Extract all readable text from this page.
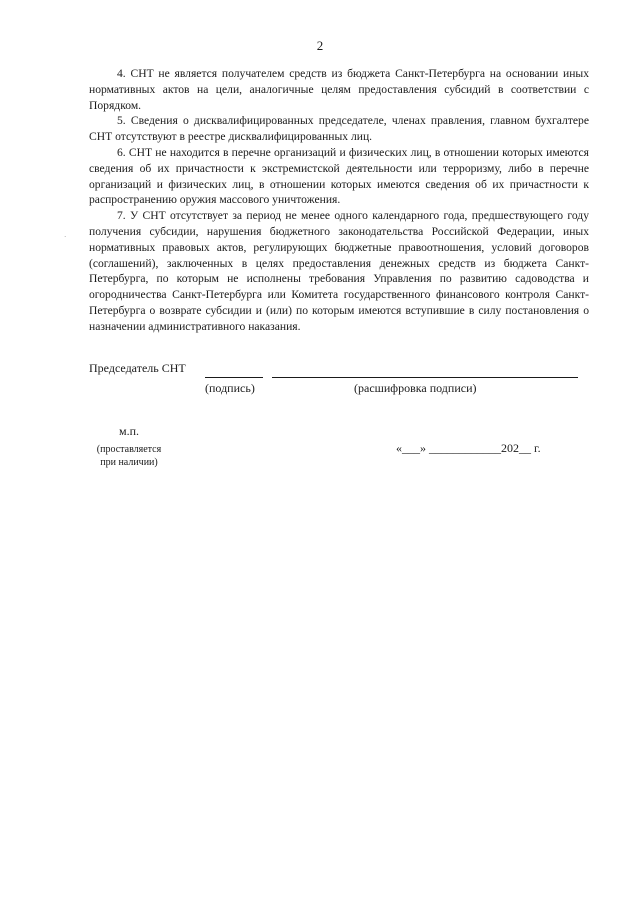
2
·

4. СНТ не является получателем средств из бюджета Санкт-Петербурга на основании иных нормативных актов на цели, аналогичные целям предоставления субсидий в соответствии с Порядком.

5. Сведения о дисквалифицированных председателе, членах правления, главном бухгалтере СНТ отсутствуют в реестре дисквалифицированных лиц.

6. СНТ не находится в перечне организаций и физических лиц, в отношении которых имеются сведения об их причастности к экстремистской деятельности или терроризму, либо в перечне организаций и физических лиц, в отношении которых имеются сведения об их причастности к распространению оружия массового уничтожения.

7. У СНТ отсутствует за период не менее одного календарного года, предшествующего году получения субсидии, нарушения бюджетного законодательства Российской Федерации, иных нормативных правовых актов, регулирующих бюджетные правоотношения, условий договоров (соглашений), заключенных в целях предоставления денежных средств из бюджета Санкт-Петербурга, по которым не исполнены требования Управления по развитию садоводства и огородничества Санкт-Петербурга или Комитета государственного финансового контроля Санкт-Петербурга о возврате субсидии и (или) по которым имеются вступившие в силу постановления о назначении административного наказания.

Председатель СНТ
(подпись)	(расшифровка подписи)
м.п.
(проставляется при наличии)
«___» ____________202__ г.
